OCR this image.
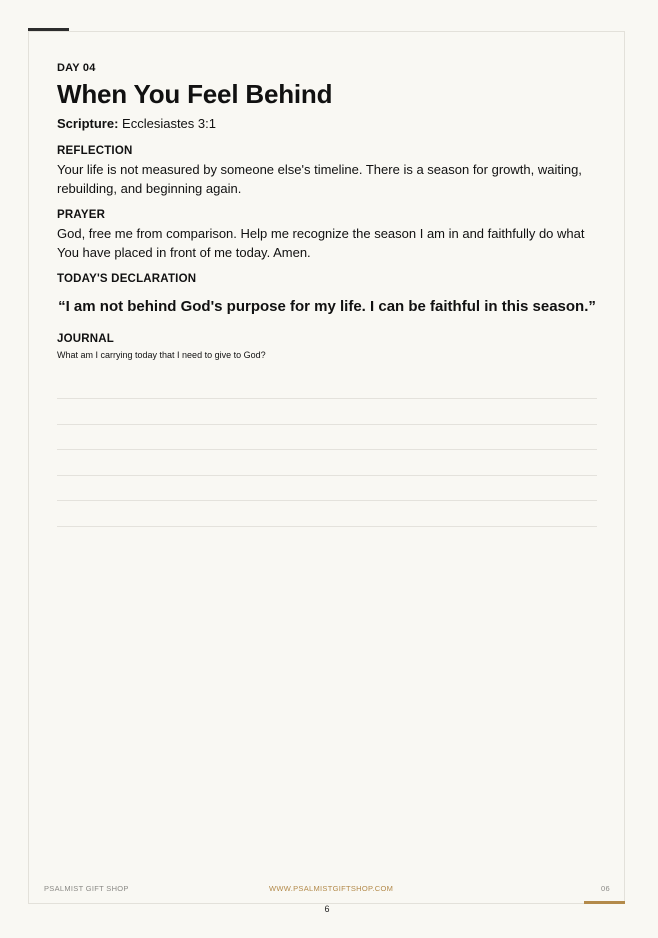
DAY 04
When You Feel Behind
Scripture: Ecclesiastes 3:1
REFLECTION
Your life is not measured by someone else's timeline. There is a season for growth, waiting, rebuilding, and beginning again.
PRAYER
God, free me from comparison. Help me recognize the season I am in and faithfully do what You have placed in front of me today. Amen.
TODAY'S DECLARATION
“I am not behind God's purpose for my life. I can be faithful in this season.”
JOURNAL
What am I carrying today that I need to give to God?
PSALMIST GIFT SHOP	WWW.PSALMISTGIFTSHOP.COM	06
6
